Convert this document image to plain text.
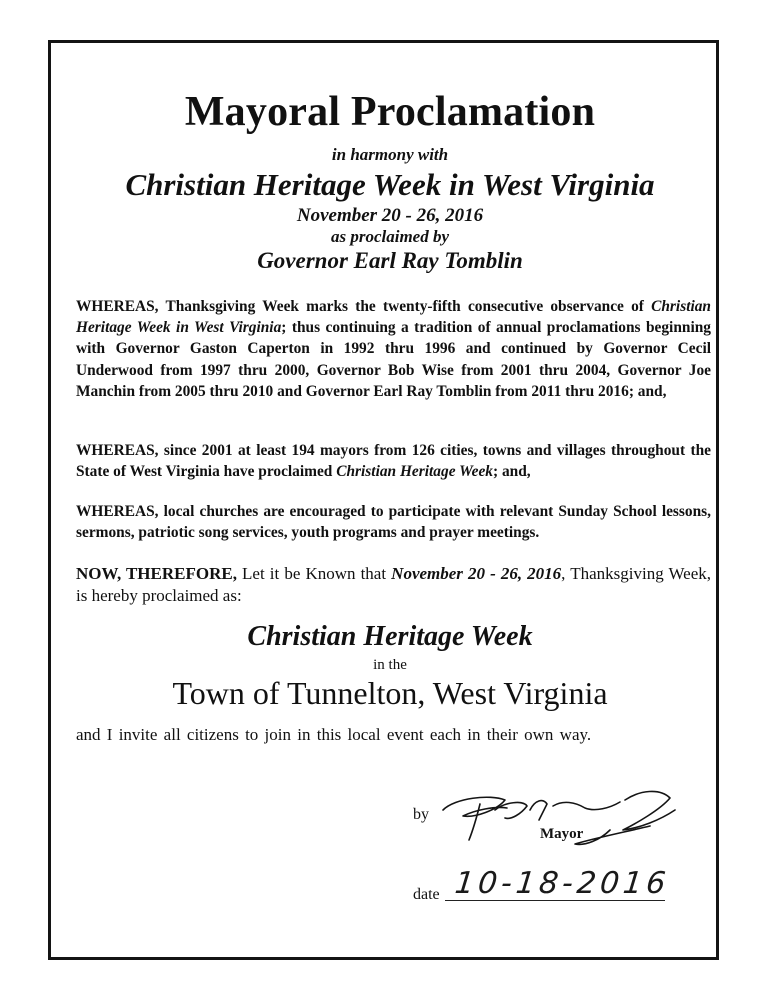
Mayoral Proclamation
in harmony with
Christian Heritage Week in West Virginia
November 20 - 26, 2016
as proclaimed by
Governor Earl Ray Tomblin
WHEREAS, Thanksgiving Week marks the twenty-fifth consecutive observance of Christian Heritage Week in West Virginia; thus continuing a tradition of annual proclamations beginning with Governor Gaston Caperton in 1992 thru 1996 and continued by Governor Cecil Underwood from 1997 thru 2000, Governor Bob Wise from 2001 thru 2004, Governor Joe Manchin from 2005 thru 2010 and Governor Earl Ray Tomblin from 2011 thru 2016; and,
WHEREAS, since 2001 at least 194 mayors from 126 cities, towns and villages throughout the State of West Virginia have proclaimed Christian Heritage Week; and,
WHEREAS, local churches are encouraged to participate with relevant Sunday School lessons, sermons, patriotic song services, youth programs and prayer meetings.
NOW, THEREFORE, Let it be Known that November 20 - 26, 2016, Thanksgiving Week, is hereby proclaimed as:
Christian Heritage Week
in the
Town of Tunnelton, West Virginia
and I invite all citizens to join in this local event each in their own way.
by
Mayor
date 10-18-2016
